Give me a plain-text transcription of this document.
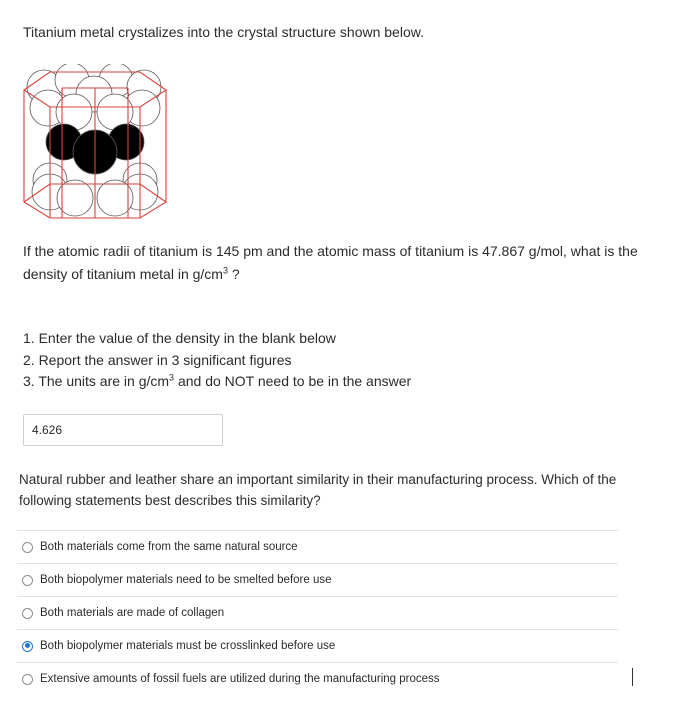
Titanium metal crystalizes into the crystal structure shown below.
If the atomic radii of titanium is 145 pm and the atomic mass of titanium is 47.867 g/mol, what is the density of titanium metal in $g/cm^3$ ?
1. Enter the value of the density in the blank below
2. Report the answer in 3 significant figures
3. The units are in $g/cm^3$ and do NOT need to be in the answer
4.626
Natural rubber and leather share an important similarity in their manufacturing process. Which of the following statements best describes this similarity?
Both materials come from the same natural source
Both biopolymer materials need to be smelted before use
Both materials are made of collagen
Both biopolymer materials must be crosslinked before use
Extensive amounts of fossil fuels are utilized during the manufacturing process
